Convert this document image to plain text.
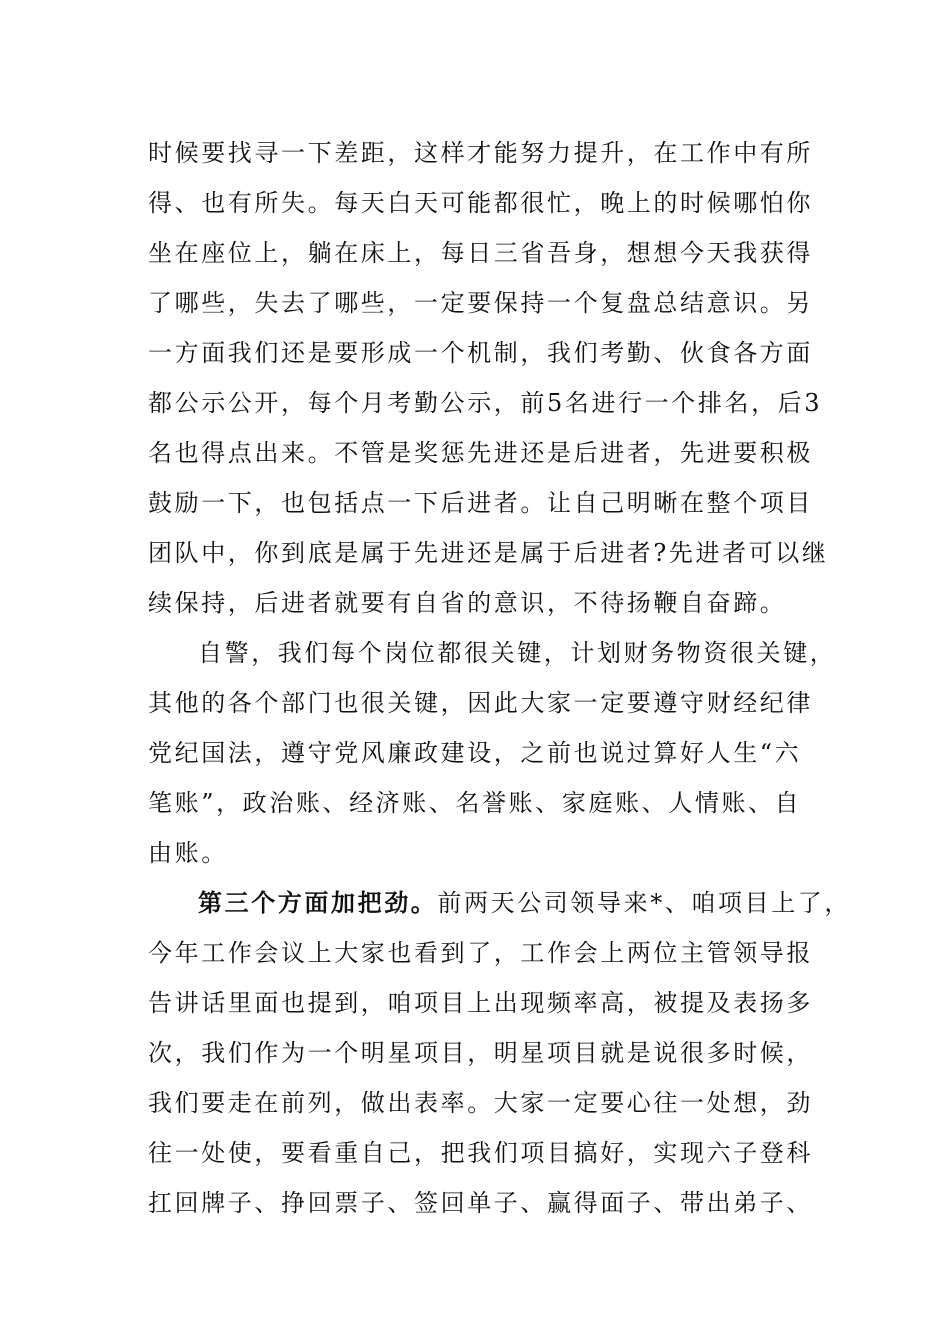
时候要找寻一下差距，这样才能努力提升，在工作中有所
得、也有所失。每天白天可能都很忙，晚上的时候哪怕你
坐在座位上，躺在床上，每日三省吾身，想想今天我获得
了哪些，失去了哪些，一定要保持一个复盘总结意识。另
一方面我们还是要形成一个机制，我们考勤、伙食各方面
都公示公开，每个月考勤公示，前5名进行一个排名，后3
名也得点出来。不管是奖惩先进还是后进者，先进要积极
鼓励一下，也包括点一下后进者。让自己明晰在整个项目
团队中，你到底是属于先进还是属于后进者?先进者可以继
续保持，后进者就要有自省的意识，不待扬鞭自奋蹄。
自警，我们每个岗位都很关键，计划财务物资很关键，
其他的各个部门也很关键，因此大家一定要遵守财经纪律
党纪国法，遵守党风廉政建设，之前也说过算好人生“六
笔账”，政治账、经济账、名誉账、家庭账、人情账、自
由账。
第三个方面加把劲。前两天公司领导来*、咱项目上了，
今年工作会议上大家也看到了，工作会上两位主管领导报
告讲话里面也提到，咱项目上出现频率高，被提及表扬多
次，我们作为一个明星项目，明星项目就是说很多时候，
我们要走在前列，做出表率。大家一定要心往一处想，劲
往一处使，要看重自己，把我们项目搞好，实现六子登科
扛回牌子、挣回票子、签回单子、赢得面子、带出弟子、
